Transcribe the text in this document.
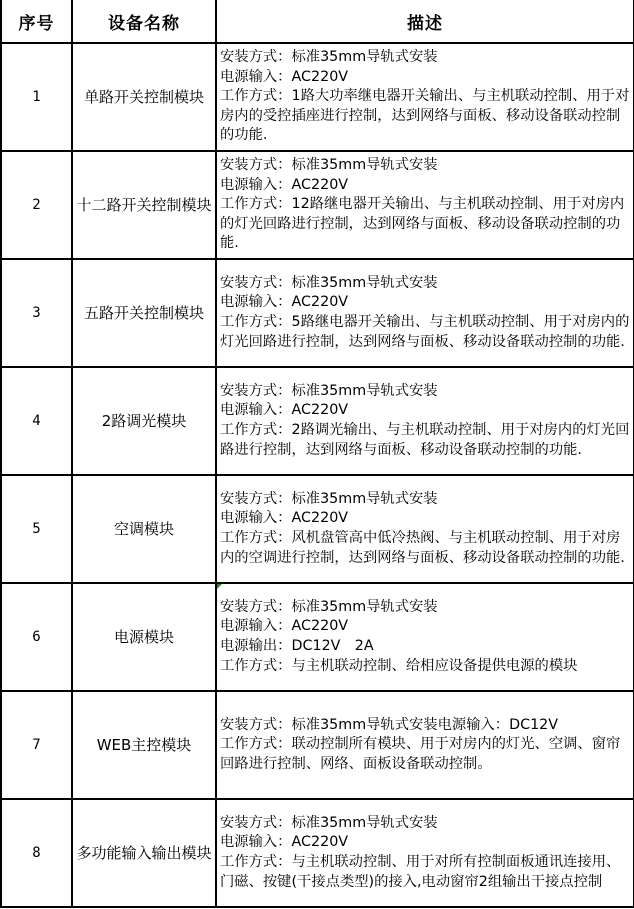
序号	设备名称	描述
1	单路开关控制模块	安装方式：标准35mm导轨式安装
电源输入：AC220V
工作方式：1路大功率继电器开关输出、与主机联动控制、用于对房内的受控插座进行控制，达到网络与面板、移动设备联动控制的功能.

2	十二路开关控制模块	安装方式：标准35mm导轨式安装
电源输入：AC220V
工作方式：12路继电器开关输出、与主机联动控制、用于对房内的灯光回路进行控制，达到网络与面板、移动设备联动控制的功能.

3	五路开关控制模块	安装方式：标准35mm导轨式安装
电源输入：AC220V
工作方式：5路继电器开关输出、与主机联动控制、用于对房内的灯光回路进行控制，达到网络与面板、移动设备联动控制的功能.

4	2路调光模块	安装方式：标准35mm导轨式安装
电源输入：AC220V
工作方式：2路调光输出、与主机联动控制、用于对房内的灯光回路进行控制，达到网络与面板、移动设备联动控制的功能.

5	空调模块	安装方式：标准35mm导轨式安装
电源输入：AC220V
工作方式：风机盘管高中低冷热阀、与主机联动控制、用于对房内的空调进行控制，达到网络与面板、移动设备联动控制的功能.

6	电源模块	安装方式：标准35mm导轨式安装
电源输入：AC220V
电源输出：DC12V　2A
工作方式：与主机联动控制、给相应设备提供电源的模块

7	WEB主控模块	安装方式：标准35mm导轨式安装电源输入：DC12V
工作方式：联动控制所有模块、用于对房内的灯光、空调、窗帘回路进行控制、网络、面板设备联动控制。

8	多功能输入输出模块	安装方式：标准35mm导轨式安装
电源输入：AC220V
工作方式：与主机联动控制、用于对所有控制面板通讯连接用、门磁、按键(干接点类型)的接入,电动窗帘2组输出干接点控制
